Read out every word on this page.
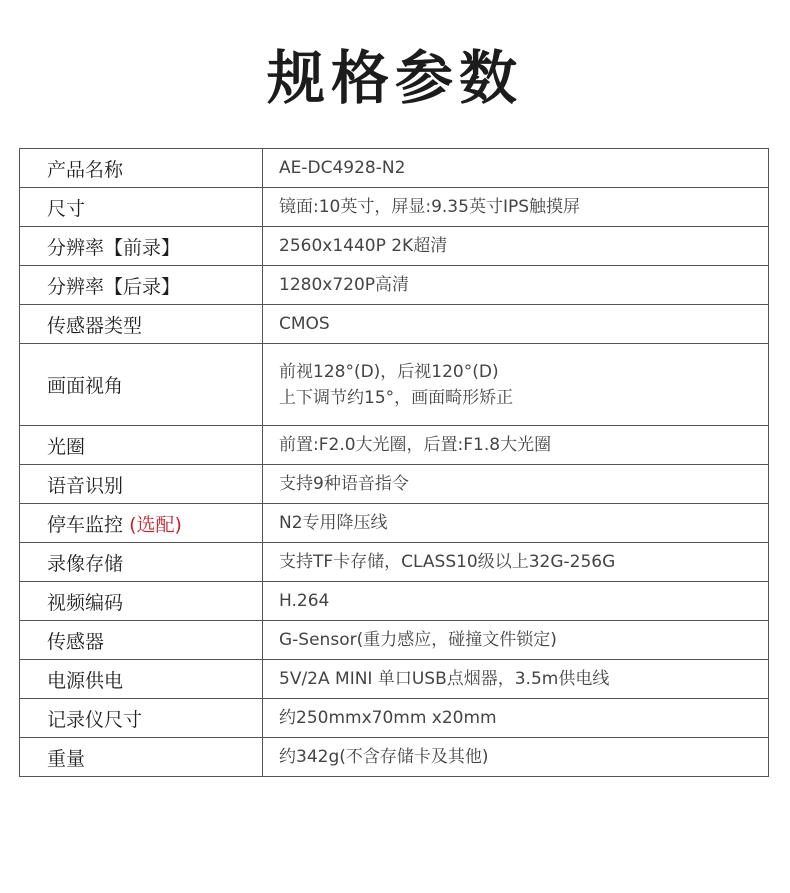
规格参数
产品名称	AE-DC4928-N2
尺寸	镜面:10英寸，屏显:9.35英寸IPS触摸屏
分辨率【前录】	2560x1440P 2K超清
分辨率【后录】	1280x720P高清
传感器类型	CMOS
画面视角	前视128°(D)，后视120°(D)
上下调节约15°，画面畸形矫正

光圈	前置:F2.0大光圈，后置:F1.8大光圈
语音识别	支持9种语音指令
停车监控 (选配)	N2专用降压线
录像存储	支持TF卡存储，CLASS10级以上32G-256G
视频编码	H.264
传感器	G-Sensor(重力感应，碰撞文件锁定)
电源供电	5V/2A MINI 单口USB点烟器，3.5m供电线
记录仪尺寸	约250mmx70mm x20mm
重量	约342g(不含存储卡及其他)
